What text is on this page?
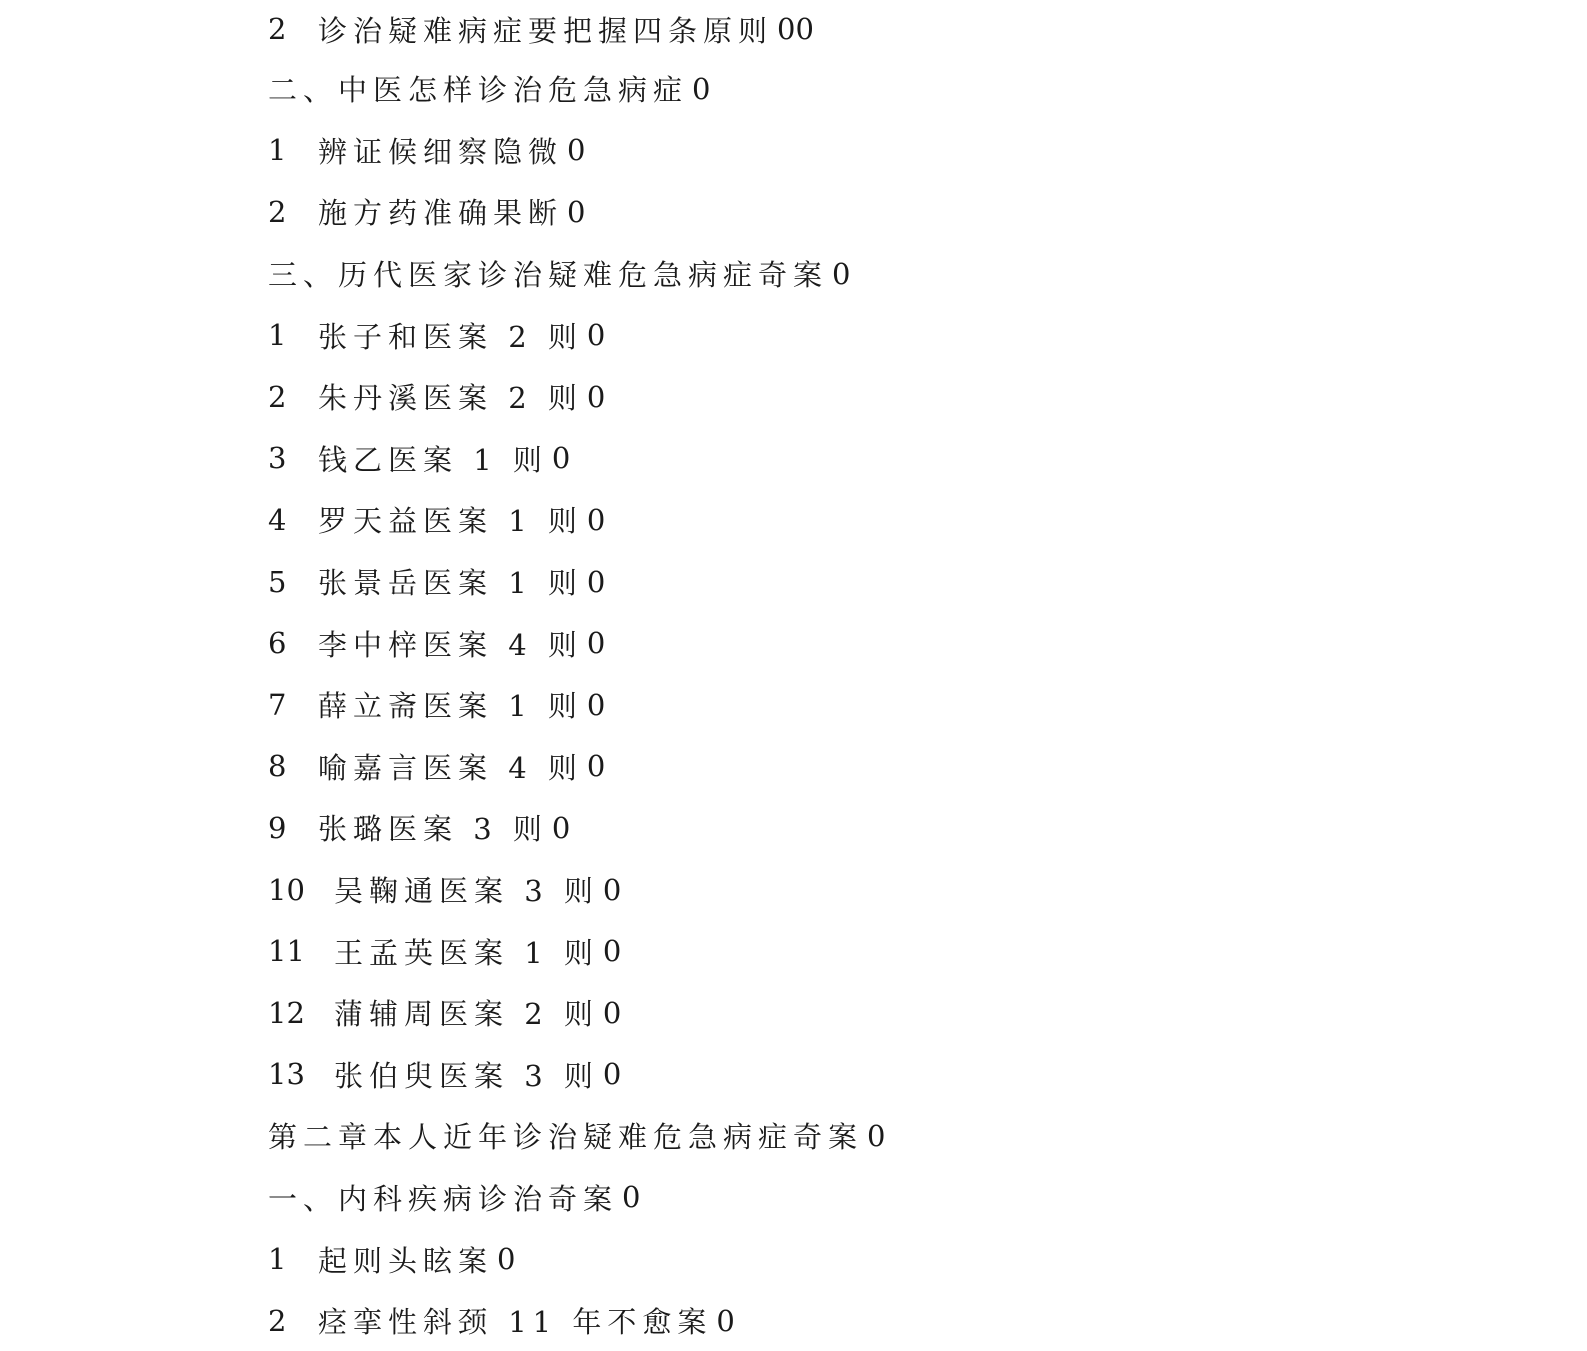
2	诊治疑难病症要把握四条原则 00
二、中医怎样诊治危急病症 0
1	辨证候细察隐微 0
2	施方药准确果断 0
三、历代医家诊治疑难危急病症奇案 0
1	张子和医案 2 则 0
2	朱丹溪医案 2 则 0
3	钱乙医案 1 则 0
4	罗天益医案 1 则 0
5	张景岳医案 1 则 0
6	李中梓医案 4 则 0
7	薛立斋医案 1 则 0
8	喻嘉言医案 4 则 0
9	张璐医案 3 则 0
10	吴鞠通医案 3 则 0
11	王孟英医案 1 则 0
12	蒲辅周医案 2 则 0
13	张伯臾医案 3 则 0
第二章本人近年诊治疑难危急病症奇案 0
一、内科疾病诊治奇案 0
1	起则头眩案 0
2	痉挛性斜颈 11 年不愈案 0
